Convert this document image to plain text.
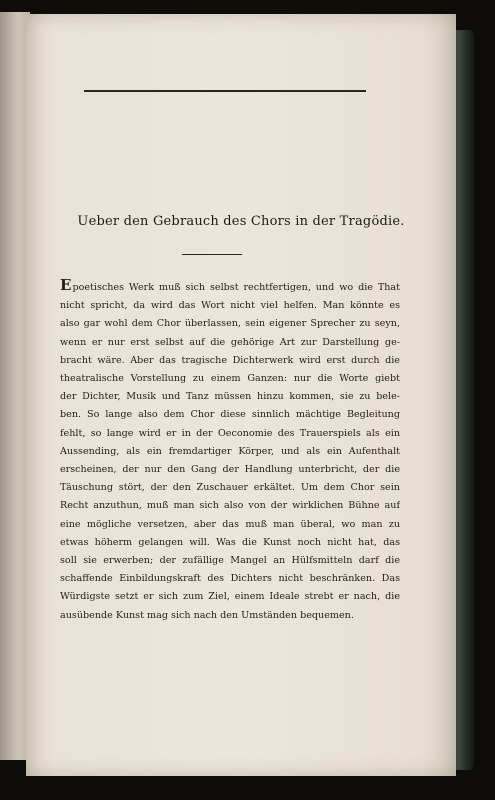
Ueber den Gebrauch des Chors in der Tragödie.
Epoetisches Werk muß sich selbst rechtfertigen, und wo die That
nicht spricht, da wird das Wort nicht viel helfen. Man könnte es
also gar wohl dem Chor überlassen, sein eigener Sprecher zu seyn,
wenn er nur erst selbst auf die gehörige Art zur Darstellung ge-
bracht wäre. Aber das tragische Dichterwerk wird erst durch die
theatralische Vorstellung zu einem Ganzen: nur die Worte giebt
der Dichter, Musik und Tanz müssen hinzu kommen, sie zu bele-
ben. So lange also dem Chor diese sinnlich mächtige Begleitung
fehlt, so lange wird er in der Oeconomie des Trauerspiels als ein
Aussending, als ein fremdartiger Körper, und als ein Aufenthalt
erscheinen, der nur den Gang der Handlung unterbricht, der die
Täuschung stört, der den Zuschauer erkältet. Um dem Chor sein
Recht anzuthun, muß man sich also von der wirklichen Bühne auf
eine mögliche versetzen, aber das muß man überal, wo man zu
etwas höherm gelangen will. Was die Kunst noch nicht hat, das
soll sie erwerben; der zufällige Mangel an Hülfsmitteln darf die
schaffende Einbildungskraft des Dichters nicht beschränken. Das
Würdigste setzt er sich zum Ziel, einem Ideale strebt er nach, die
ausübende Kunst mag sich nach den Umständen bequemen.
